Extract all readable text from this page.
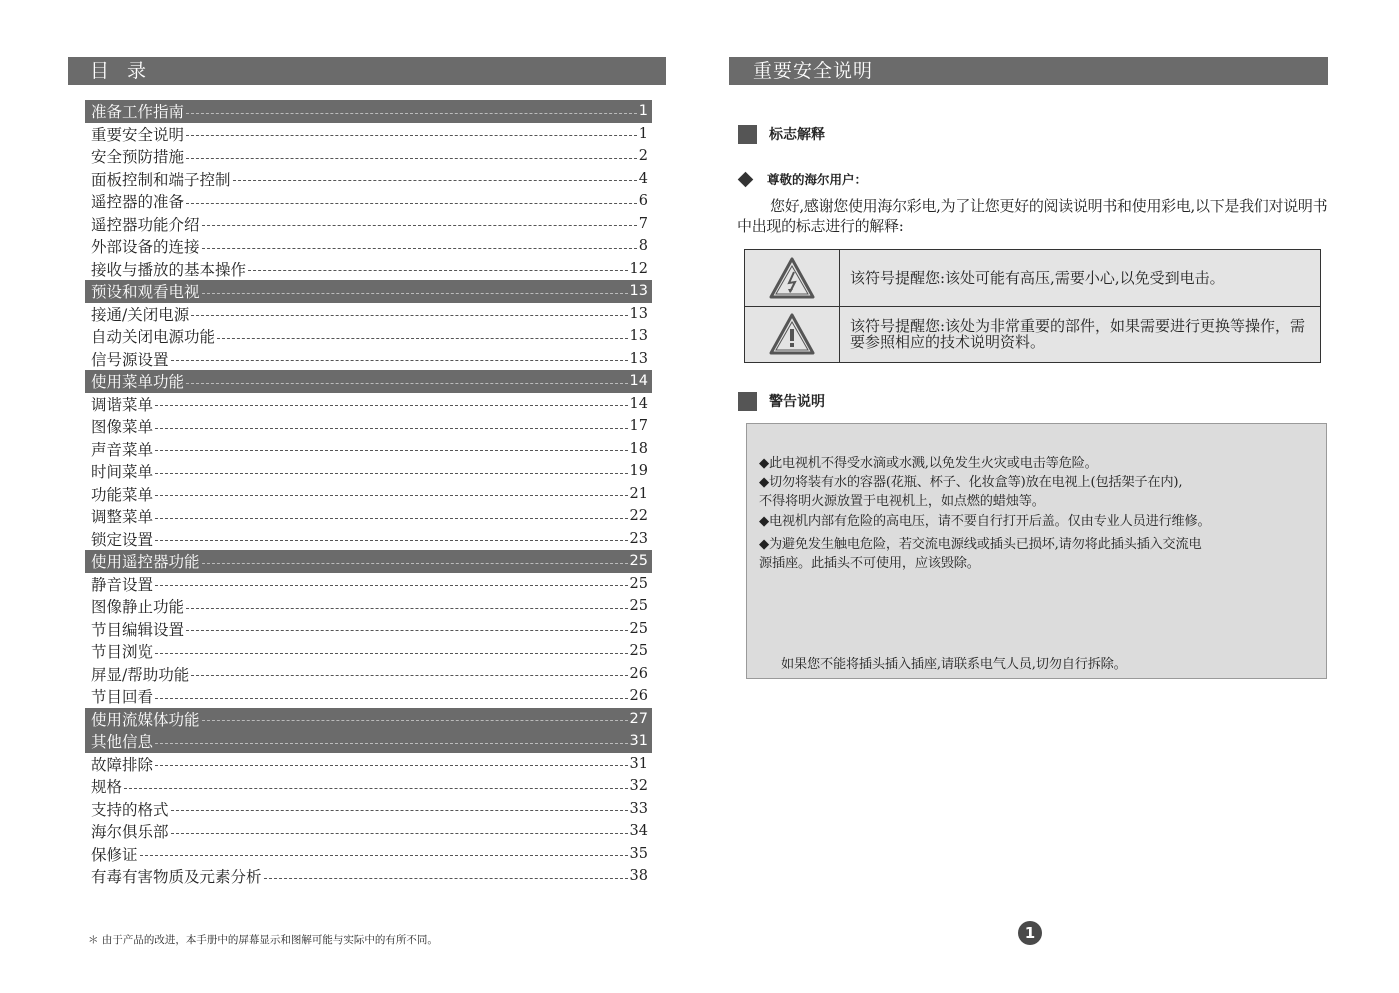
目 录
准备工作指南	1
重要安全说明	1
安全预防措施	2
面板控制和端子控制	4
遥控器的准备	6
遥控器功能介绍	7
外部设备的连接	8
接收与播放的基本操作	12
预设和观看电视	13
接通/关闭电源	13
自动关闭电源功能	13
信号源设置	13
使用菜单功能	14
调谐菜单	14
图像菜单	17
声音菜单	18
时间菜单	19
功能菜单	21
调整菜单	22
锁定设置	23
使用遥控器功能	25
静音设置	25
图像静止功能	25
节目编辑设置	25
节目浏览	25
屏显/帮助功能	26
节目回看	26
使用流媒体功能	27
其他信息	31
故障排除	31
规格	32
支持的格式	33
海尔俱乐部	34
保修证	35
有毒有害物质及元素分析	38
＊ 由于产品的改进，本手册中的屏幕显示和图解可能与实际中的有所不同。
重要安全说明
标志解释
尊敬的海尔用户：
您好,感谢您使用海尔彩电,为了让您更好的阅读说明书和使用彩电,以下是我们对说明书中出现的标志进行的解释:
该符号提醒您:该处可能有高压,需要小心,以免受到电击。
该符号提醒您:该处为非常重要的部件，如果需要进行更换等操作，需要参照相应的技术说明资料。
警告说明
◆此电视机不得受水滴或水溅,以免发生火灾或电击等危险。
◆切勿将装有水的容器(花瓶、杯子、化妆盒等)放在电视上(包括架子在内),
不得将明火源放置于电视机上，如点燃的蜡烛等。
◆电视机内部有危险的高电压，请不要自行打开后盖。仅由专业人员进行维修。
◆为避免发生触电危险，若交流电源线或插头已损坏,请勿将此插头插入交流电
源插座。此插头不可使用，应该毁除。
如果您不能将插头插入插座,请联系电气人员,切勿自行拆除。
1
